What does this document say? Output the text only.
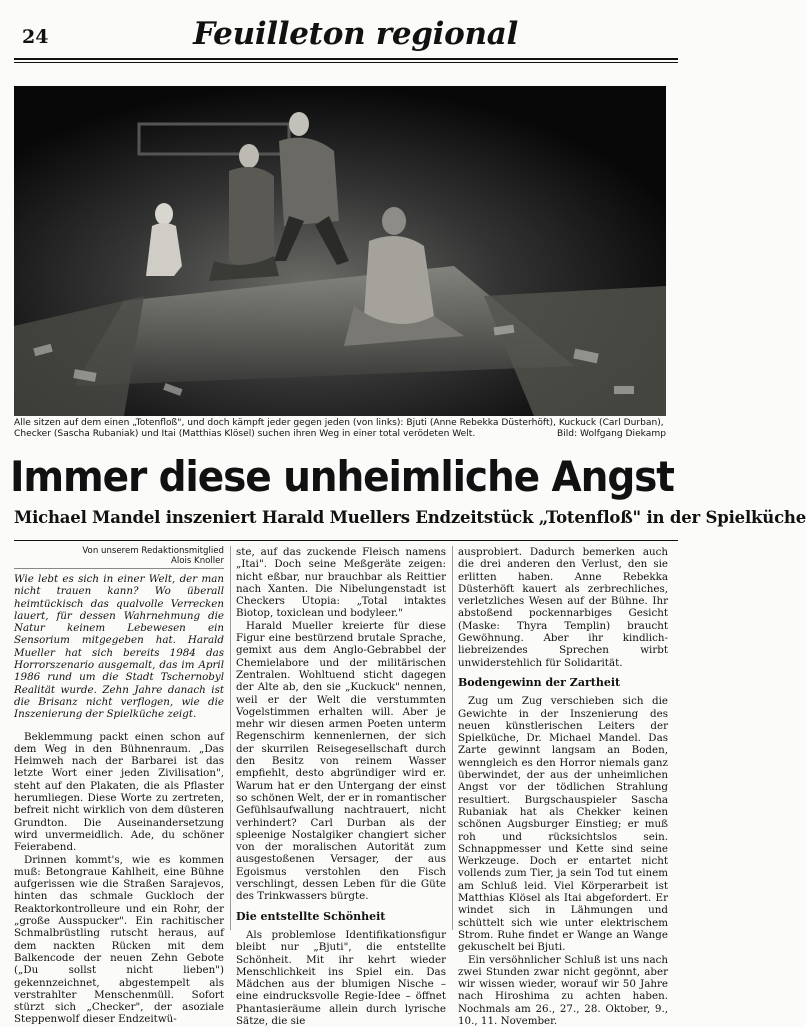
24	Feuilleton regional
Alle sitzen auf dem einen „Totenfloß", und doch kämpft jeder gegen jeden (von links): Bjuti (Anne Rebekka Düsterhöft), Kuckuck (Carl Durban), Checker (Sascha Rubaniak) und Itai (Matthias Klösel) suchen ihren Weg in einer total verödeten Welt.	Bild: Wolfgang Diekamp
Immer diese unheimliche Angst
Michael Mandel inszeniert Harald Muellers Endzeitstück „Totenfloß" in der Spielküche
Von unserem Redaktionsmitglied
Alois Knoller

Wie lebt es sich in einer Welt, der man nicht trauen kann? Wo überall heimtückisch das qualvolle Verrecken lauert, für dessen Wahrnehmung die Natur keinem Lebewesen ein Sensorium mitgegeben hat. Harald Mueller hat sich bereits 1984 das Horrorszenario ausgemalt, das im April 1986 rund um die Stadt Tschernobyl Realität wurde. Zehn Jahre danach ist die Brisanz nicht verflogen, wie die Inszenierung der Spielküche zeigt.

Beklemmung packt einen schon auf dem Weg in den Bühnenraum. „Das Heimweh nach der Barbarei ist das letzte Wort einer jeden Zivilisation", steht auf den Plakaten, die als Pflaster herumliegen. Diese Worte zu zertreten, befreit nicht wirklich von dem düsteren Grundton. Die Auseinandersetzung wird unvermeidlich. Ade, du schöner Feierabend.

Drinnen kommt's, wie es kommen muß: Betongraue Kahlheit, eine Bühne aufgerissen wie die Straßen Sarajevos, hinten das schmale Guckloch der Reaktorkontrolleure und ein Rohr, der „große Ausspucker". Ein rachitischer Schmalbrüstling rutscht heraus, auf dem nackten Rücken mit dem Balkencode der neuen Zehn Gebote („Du sollst nicht lieben") gekennzeichnet, abgestempelt als verstrahlter Menschenmüll. Sofort stürzt sich „Checker", der asoziale Steppenwolf dieser Endzeitwü-

ste, auf das zuckende Fleisch namens „Itai". Doch seine Meßgeräte zeigen: nicht eßbar, nur brauchbar als Reittier nach Xanten. Die Nibelungenstadt ist Checkers Utopia: „Total intaktes Biotop, toxiclean und bodyleer."

Harald Mueller kreierte für diese Figur eine bestürzend brutale Sprache, gemixt aus dem Anglo-Gebrabbel der Chemielabore und der militärischen Zentralen. Wohltuend sticht dagegen der Alte ab, den sie „Kuckuck" nennen, weil er der Welt die verstummten Vogelstimmen erhalten will. Aber je mehr wir diesen armen Poeten unterm Regenschirm kennenlernen, der sich der skurrilen Reisegesellschaft durch den Besitz von reinem Wasser empfiehlt, desto abgründiger wird er. Warum hat er den Untergang der einst so schönen Welt, der er in romantischer Gefühlsaufwallung nachtrauert, nicht verhindert? Carl Durban als der spleenige Nostalgiker changiert sicher von der moralischen Autorität zum ausgestoßenen Versager, der aus Egoismus verstohlen den Fisch verschlingt, dessen Leben für die Güte des Trinkwassers bürgte.

Die entstellte Schönheit

Als problemlose Identifikationsfigur bleibt nur „Bjuti", die entstellte Schönheit. Mit ihr kehrt wieder Menschlichkeit ins Spiel ein. Das Mädchen aus der blumigen Nische – eine eindrucksvolle Regie-Idee – öffnet Phantasieräume allein durch lyrische Sätze, die sie

ausprobiert. Dadurch bemerken auch die drei anderen den Verlust, den sie erlitten haben. Anne Rebekka Düsterhöft kauert als zerbrechliches, verletzliches Wesen auf der Bühne. Ihr abstoßend pockennarbiges Gesicht (Maske: Thyra Templin) braucht Gewöhnung. Aber ihr kindlich-liebreizendes Sprechen wirbt unwiderstehlich für Solidarität.

Bodengewinn der Zartheit

Zug um Zug verschieben sich die Gewichte in der Inszenierung des neuen künstlerischen Leiters der Spielküche, Dr. Michael Mandel. Das Zarte gewinnt langsam an Boden, wenngleich es den Horror niemals ganz überwindet, der aus der unheimlichen Angst vor der tödlichen Strahlung resultiert. Burgschauspieler Sascha Rubaniak hat als Chekker keinen schönen Augsburger Einstieg; er muß roh und rücksichtslos sein. Schnappmesser und Kette sind seine Werkzeuge. Doch er entartet nicht vollends zum Tier, ja sein Tod tut einem am Schluß leid. Viel Körperarbeit ist Matthias Klösel als Itai abgefordert. Er windet sich in Lähmungen und schüttelt sich wie unter elektrischem Strom. Ruhe findet er Wange an Wange gekuschelt bei Bjuti.

Ein versöhnlicher Schluß ist uns nach zwei Stunden zwar nicht gegönnt, aber wir wissen wieder, worauf wir 50 Jahre nach Hiroshima zu achten haben. Nochmals am 26., 27., 28. Oktober, 9., 10., 11. November.
